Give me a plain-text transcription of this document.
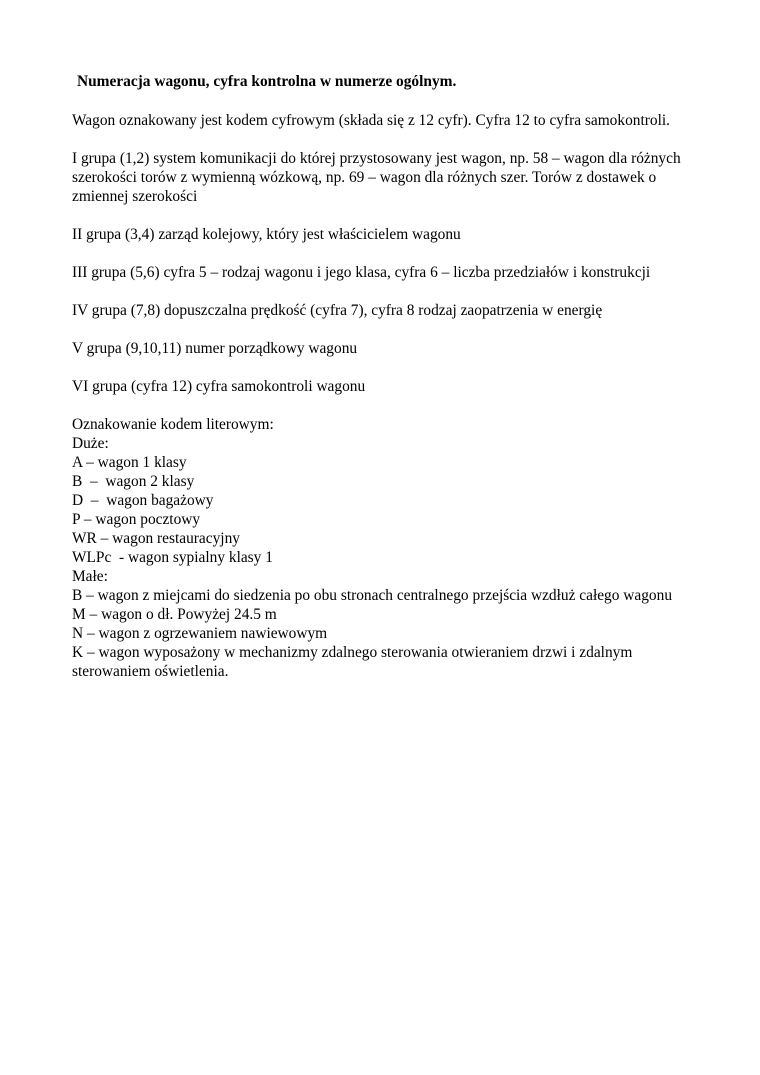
Numeracja wagonu, cyfra kontrolna w numerze ogólnym.

Wagon oznakowany jest kodem cyfrowym (składa się z 12 cyfr). Cyfra 12 to cyfra samokontroli.

I grupa (1,2) system komunikacji do której przystosowany jest wagon, np. 58 – wagon dla różnych szerokości torów z wymienną wózkową, np. 69 – wagon dla różnych szer. Torów z dostawek o zmiennej szerokości

II grupa (3,4) zarząd kolejowy, który jest właścicielem wagonu

III grupa (5,6) cyfra 5 – rodzaj wagonu i jego klasa, cyfra 6 – liczba przedziałów i konstrukcji

IV grupa (7,8) dopuszczalna prędkość (cyfra 7), cyfra 8 rodzaj zaopatrzenia w energię

V grupa (9,10,11) numer porządkowy wagonu

VI grupa (cyfra 12) cyfra samokontroli wagonu

Oznakowanie kodem literowym:
Duże:
A – wagon 1 klasy
B  –  wagon 2 klasy
D  –  wagon bagażowy
P – wagon pocztowy
WR – wagon restauracyjny
WLPc  - wagon sypialny klasy 1
Małe:
B – wagon z miejcami do siedzenia po obu stronach centralnego przejścia wzdłuż całego wagonu
M – wagon o dł. Powyżej 24.5 m
N – wagon z ogrzewaniem nawiewowym
K – wagon wyposażony w mechanizmy zdalnego sterowania otwieraniem drzwi i zdalnym sterowaniem oświetlenia.
